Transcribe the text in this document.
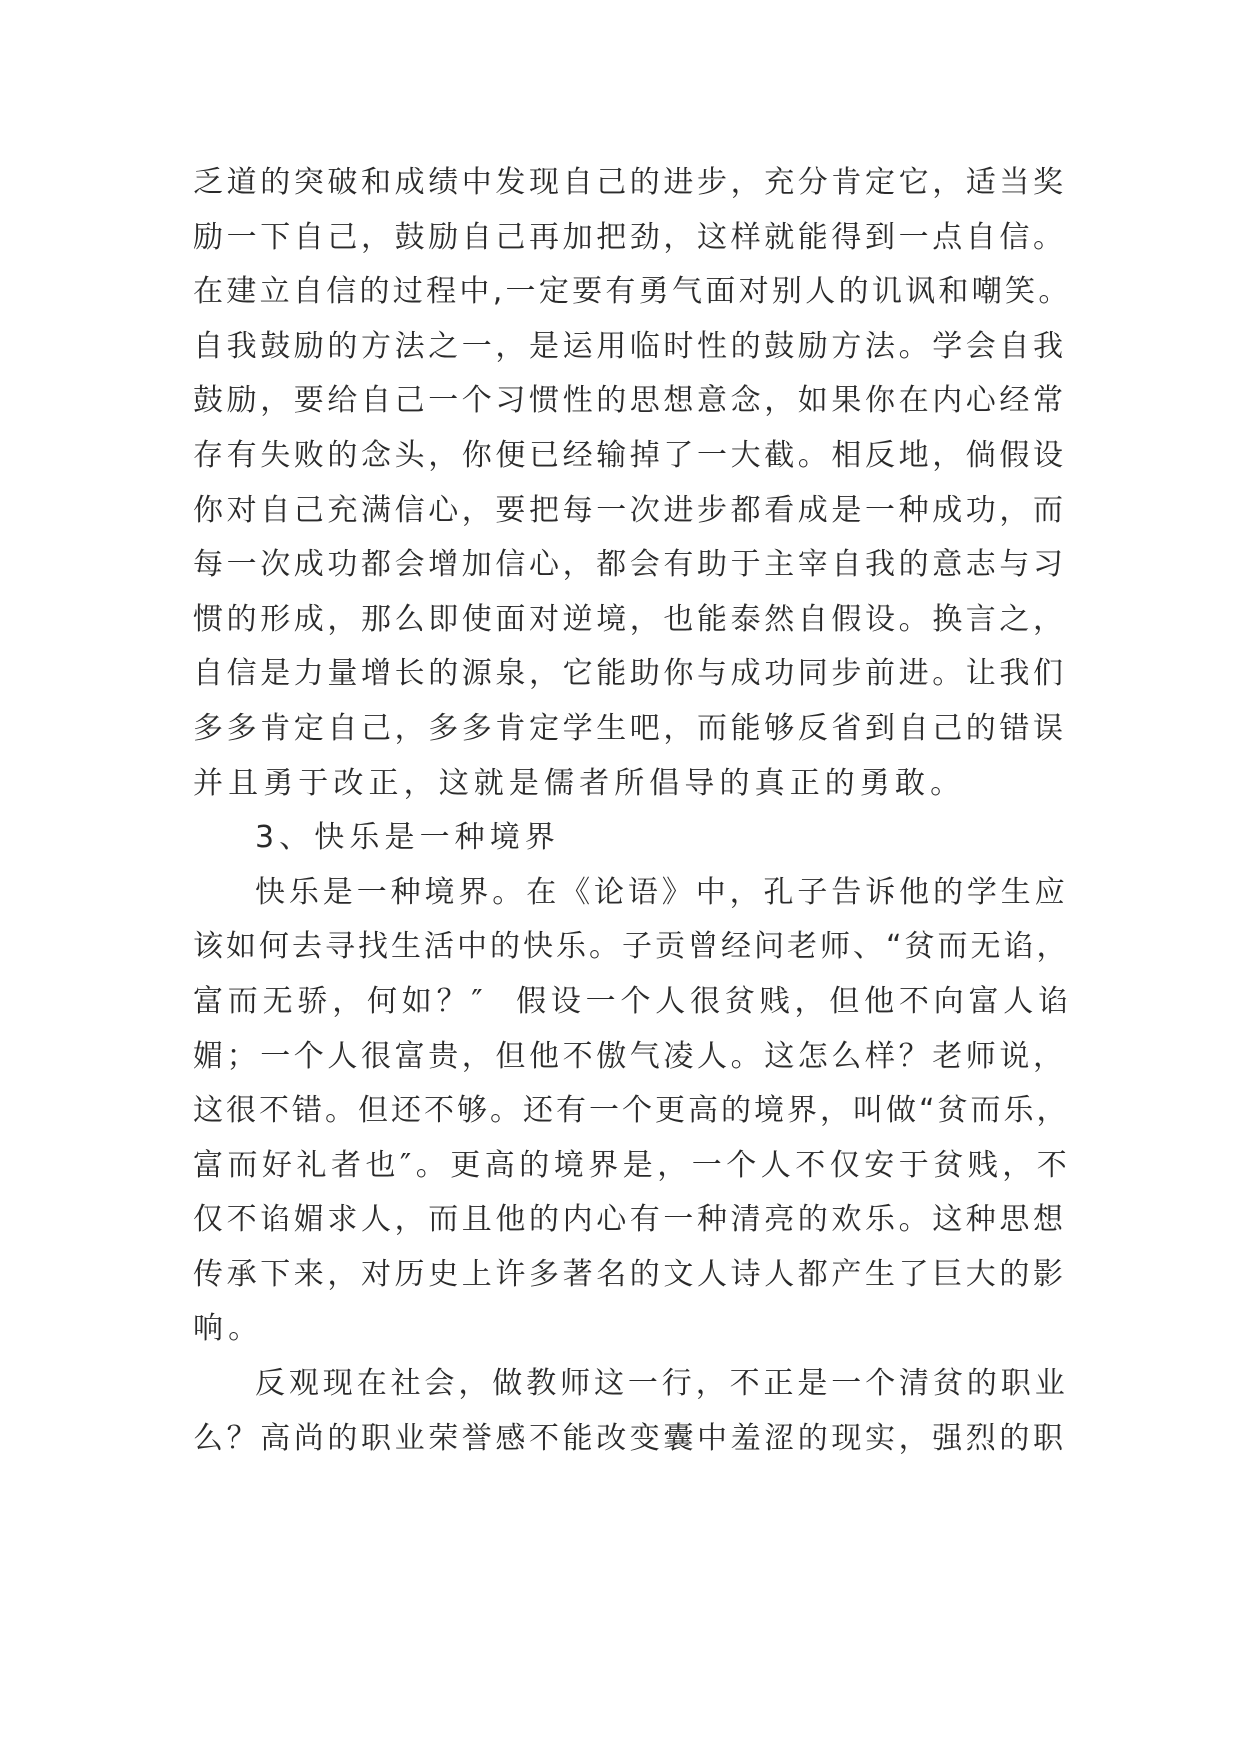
乏道的突破和成绩中发现自己的进步，充分肯定它，适当奖
励一下自己，鼓励自己再加把劲，这样就能得到一点自信。
在建立自信的过程中,一定要有勇气面对别人的讥讽和嘲笑。
自我鼓励的方法之一，是运用临时性的鼓励方法。学会自我
鼓励，要给自己一个习惯性的思想意念，如果你在内心经常
存有失败的念头，你便已经输掉了一大截。相反地，倘假设
你对自己充满信心，要把每一次进步都看成是一种成功，而
每一次成功都会增加信心，都会有助于主宰自我的意志与习
惯的形成，那么即使面对逆境，也能泰然自假设。换言之，
自信是力量增长的源泉，它能助你与成功同步前进。让我们
多多肯定自己，多多肯定学生吧，而能够反省到自己的错误
并且勇于改正，这就是儒者所倡导的真正的勇敢。
3、快乐是一种境界
快乐是一种境界。在《论语》中，孔子告诉他的学生应
该如何去寻找生活中的快乐。子贡曾经问老师、“贫而无谄，
富而无骄，何如？″  假设一个人很贫贱，但他不向富人谄
媚；一个人很富贵，但他不傲气凌人。这怎么样？老师说，
这很不错。但还不够。还有一个更高的境界，叫做“贫而乐，
富而好礼者也″。更高的境界是，一个人不仅安于贫贱，不
仅不谄媚求人，而且他的内心有一种清亮的欢乐。这种思想
传承下来，对历史上许多著名的文人诗人都产生了巨大的影
响。
反观现在社会，做教师这一行，不正是一个清贫的职业
么？高尚的职业荣誉感不能改变囊中羞涩的现实，强烈的职
